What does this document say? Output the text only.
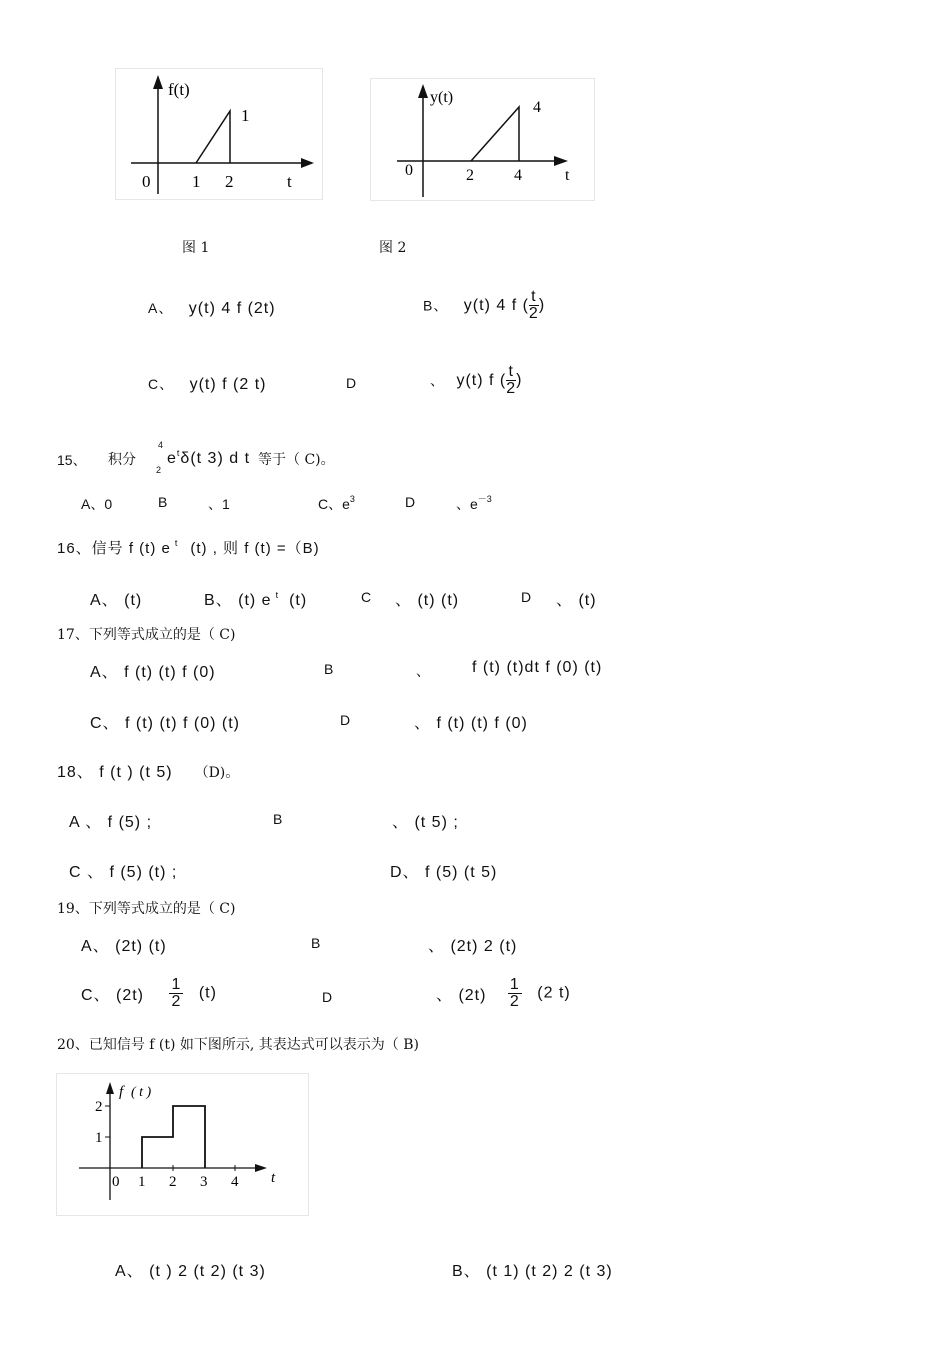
f(t)
1
0 1 2	t
图 1
y(t)
4
0	2	4	t
图 2
A、 y(t) 4 f (2t)	B、 y(t) 4 f ( $\frac{t}{2}$ )
C、 y(t) f (2 t)	D	、 y(t) f ( $\frac{t}{2}$ )
15、 积分
4
2
$e^t\delta(t$ 3) d t 等于（ C)。
A、0	B	、1	C、$e^3$	D	、$e^{-3}$
16、信号 f (t) e $^t$ (t) , 则 f (t) =（B)
A、 (t)	B、 (t) e $^t$ (t)	C 、 (t) (t)	D 、 (t)
17、下列等式成立的是（ C)
A、 f (t) (t) f (0)	B	、	f (t) (t)dt f (0) (t)
C、 f (t) (t) f (0) (t)	D	、 f (t) (t) f (0)
18、 f (t ) (t 5) （D)。
A 、 f (5) ;	B	、 (t 5) ;
C 、 f (5) (t) ;	D、 f (5) (t 5)
19、下列等式成立的是（ C)
A、 (2t) (t)	B	、 (2t) 2 (t)
C、 $(2t) \frac{1}{2} (t)$	D	、 $(2t) \frac{1}{2} (2$ t)
20、已知信号 f (t) 如下图所示, 其表达式可以表示为（ B)
f ( t )
2
1
0 1 2 3 4 t
A、 (t ) 2 (t 2) (t 3)	B、 (t 1) (t 2) 2 (t 3)
